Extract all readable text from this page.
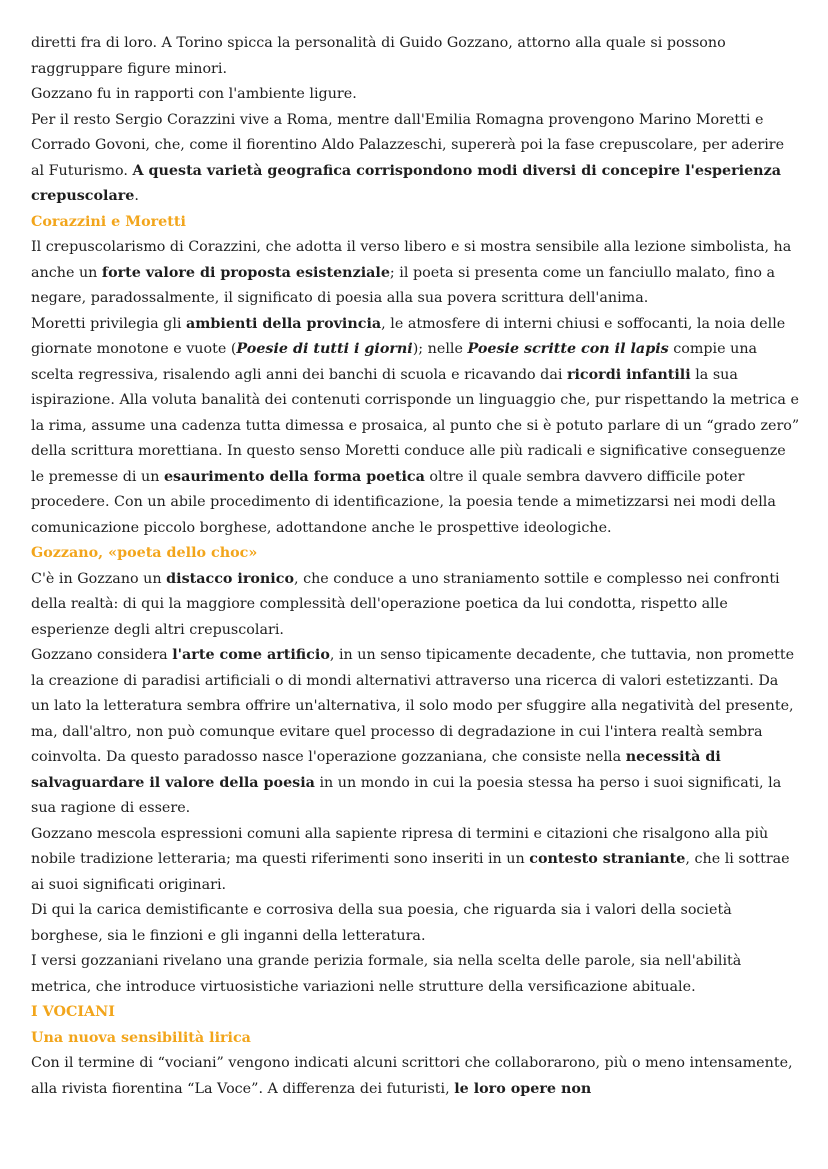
diretti fra di loro. A Torino spicca la personalità di Guido Gozzano, attorno alla quale si possono raggruppare figure minori.

Gozzano fu in rapporti con l'ambiente ligure.

Per il resto Sergio Corazzini vive a Roma, mentre dall'Emilia Romagna provengono Marino Moretti e Corrado Govoni, che, come il fiorentino Aldo Palazzeschi, supererà poi la fase crepuscolare, per aderire al Futurismo. A questa varietà geografica corrispondono modi diversi di concepire l'esperienza crepuscolare.

Corazzini e Moretti

Il crepuscolarismo di Corazzini, che adotta il verso libero e si mostra sensibile alla lezione simbolista, ha anche un forte valore di proposta esistenziale; il poeta si presenta come un fanciullo malato, fino a negare, paradossalmente, il significato di poesia alla sua povera scrittura dell'anima.

Moretti privilegia gli ambienti della provincia, le atmosfere di interni chiusi e soffocanti, la noia delle giornate monotone e vuote (Poesie di tutti i giorni); nelle Poesie scritte con il lapis compie una scelta regressiva, risalendo agli anni dei banchi di scuola e ricavando dai ricordi infantili la sua ispirazione. Alla voluta banalità dei contenuti corrisponde un linguaggio che, pur rispettando la metrica e la rima, assume una cadenza tutta dimessa e prosaica, al punto che si è potuto parlare di un “grado zero” della scrittura morettiana. In questo senso Moretti conduce alle più radicali e significative conseguenze le premesse di un esaurimento della forma poetica oltre il quale sembra davvero difficile poter procedere. Con un abile procedimento di identificazione, la poesia tende a mimetizzarsi nei modi della comunicazione piccolo borghese, adottandone anche le prospettive ideologiche.

Gozzano, «poeta dello choc»

C'è in Gozzano un distacco ironico, che conduce a uno straniamento sottile e complesso nei confronti della realtà: di qui la maggiore complessità dell'operazione poetica da lui condotta, rispetto alle esperienze degli altri crepuscolari.

Gozzano considera l'arte come artificio, in un senso tipicamente decadente, che tuttavia, non promette la creazione di paradisi artificiali o di mondi alternativi attraverso una ricerca di valori estetizzanti. Da un lato la letteratura sembra offrire un'alternativa, il solo modo per sfuggire alla negatività del presente, ma, dall'altro, non può comunque evitare quel processo di degradazione in cui l'intera realtà sembra coinvolta. Da questo paradosso nasce l'operazione gozzaniana, che consiste nella necessità di salvaguardare il valore della poesia in un mondo in cui la poesia stessa ha perso i suoi significati, la sua ragione di essere.

Gozzano mescola espressioni comuni alla sapiente ripresa di termini e citazioni che risalgono alla più nobile tradizione letteraria; ma questi riferimenti sono inseriti in un contesto straniante, che li sottrae ai suoi significati originari.

Di qui la carica demistificante e corrosiva della sua poesia, che riguarda sia i valori della società borghese, sia le finzioni e gli inganni della letteratura.

I versi gozzaniani rivelano una grande perizia formale, sia nella scelta delle parole, sia nell'abilità metrica, che introduce virtuosistiche variazioni nelle strutture della versificazione abituale.

I VOCIANI
Una nuova sensibilità lirica

Con il termine di “vociani” vengono indicati alcuni scrittori che collaborarono, più o meno intensamente, alla rivista fiorentina “La Voce”. A differenza dei futuristi, le loro opere non
